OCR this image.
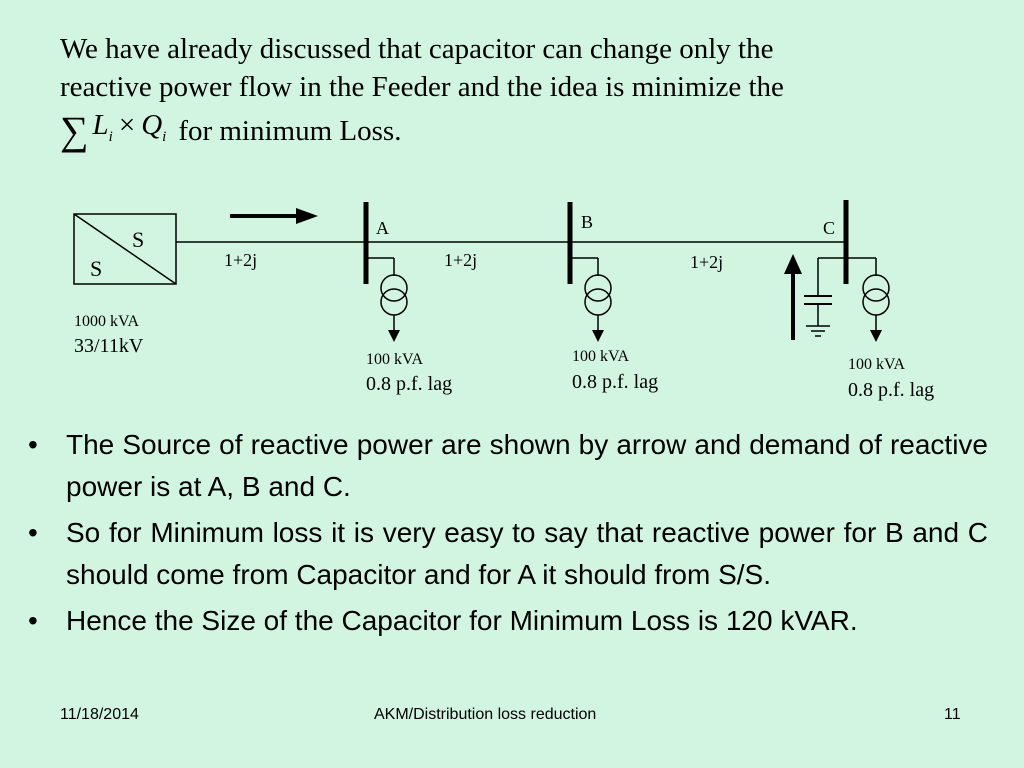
We have already discussed that capacitor can change only the
reactive power flow in the Feeder and the idea is minimize the
∑ $L_i \times Q_i$ for minimum Loss.
S
S
1000 kVA
33/11kV
A	B	C
1+2j	1+2j	1+2j
100 kVA
0.8 p.f. lag
100 kVA
0.8 p.f. lag
100 kVA
0.8 p.f. lag
• The Source of reactive power are shown by arrow and demand of reactive power is at A, B and C.
• So for Minimum loss it is very easy to say that reactive power for B and C should come from Capacitor and for A it should from S/S.
• Hence the Size of the Capacitor for Minimum Loss is 120 kVAR.
11/18/2014	AKM/Distribution loss reduction	11
